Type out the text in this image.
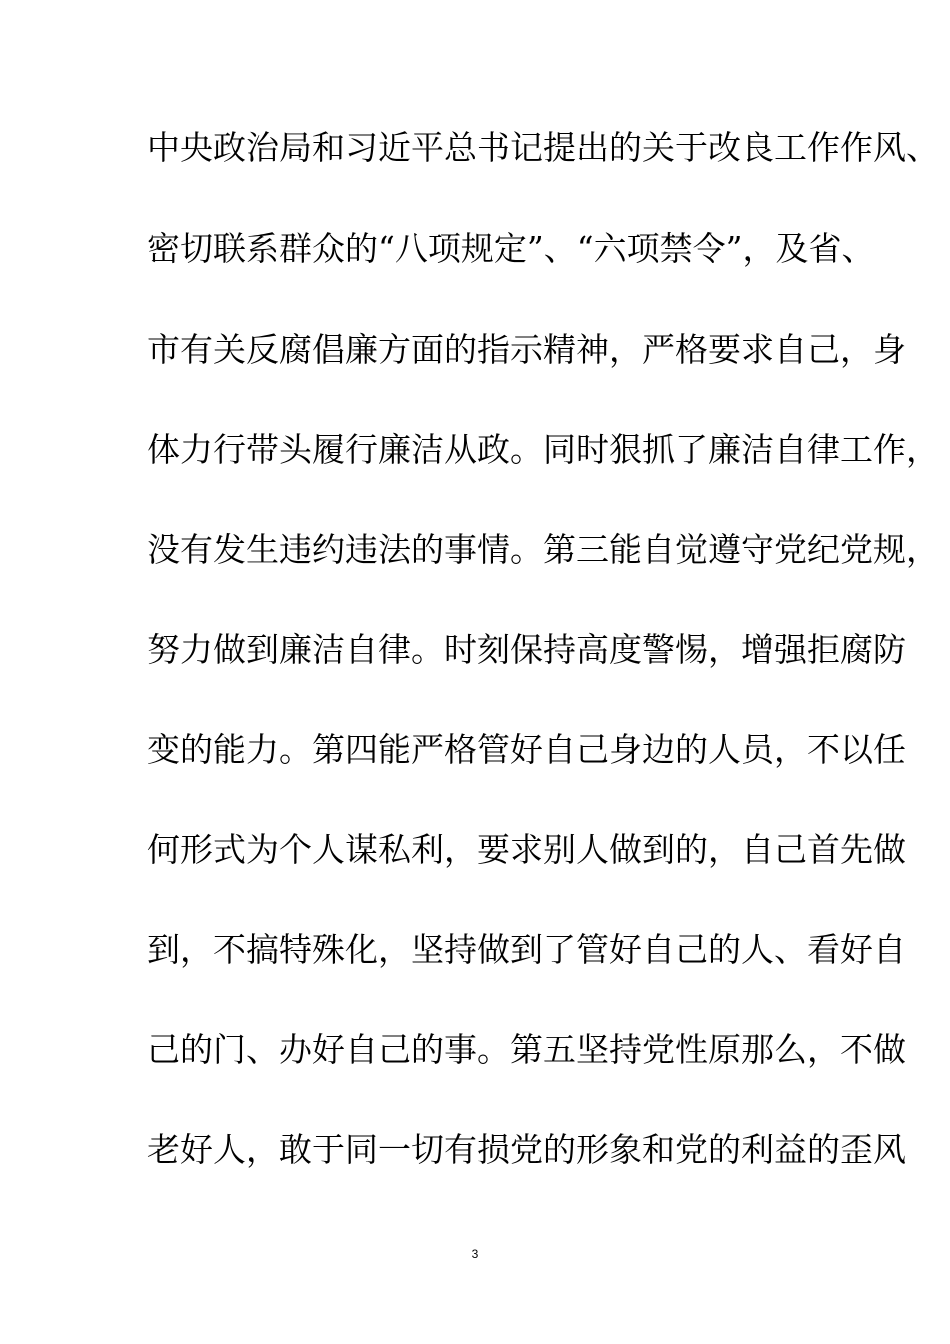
中央政治局和习近平总书记提出的关于改良工作作风、
密切联系群众的“八项规定”、“六项禁令”，及省、
市有关反腐倡廉方面的指示精神，严格要求自己，身
体力行带头履行廉洁从政。同时狠抓了廉洁自律工作，
没有发生违约违法的事情。第三能自觉遵守党纪党规，
努力做到廉洁自律。时刻保持高度警惕，增强拒腐防
变的能力。第四能严格管好自己身边的人员，不以任
何形式为个人谋私利，要求别人做到的，自己首先做
到，不搞特殊化，坚持做到了管好自己的人、看好自
己的门、办好自己的事。第五坚持党性原那么，不做
老好人，敢于同一切有损党的形象和党的利益的歪风
3
